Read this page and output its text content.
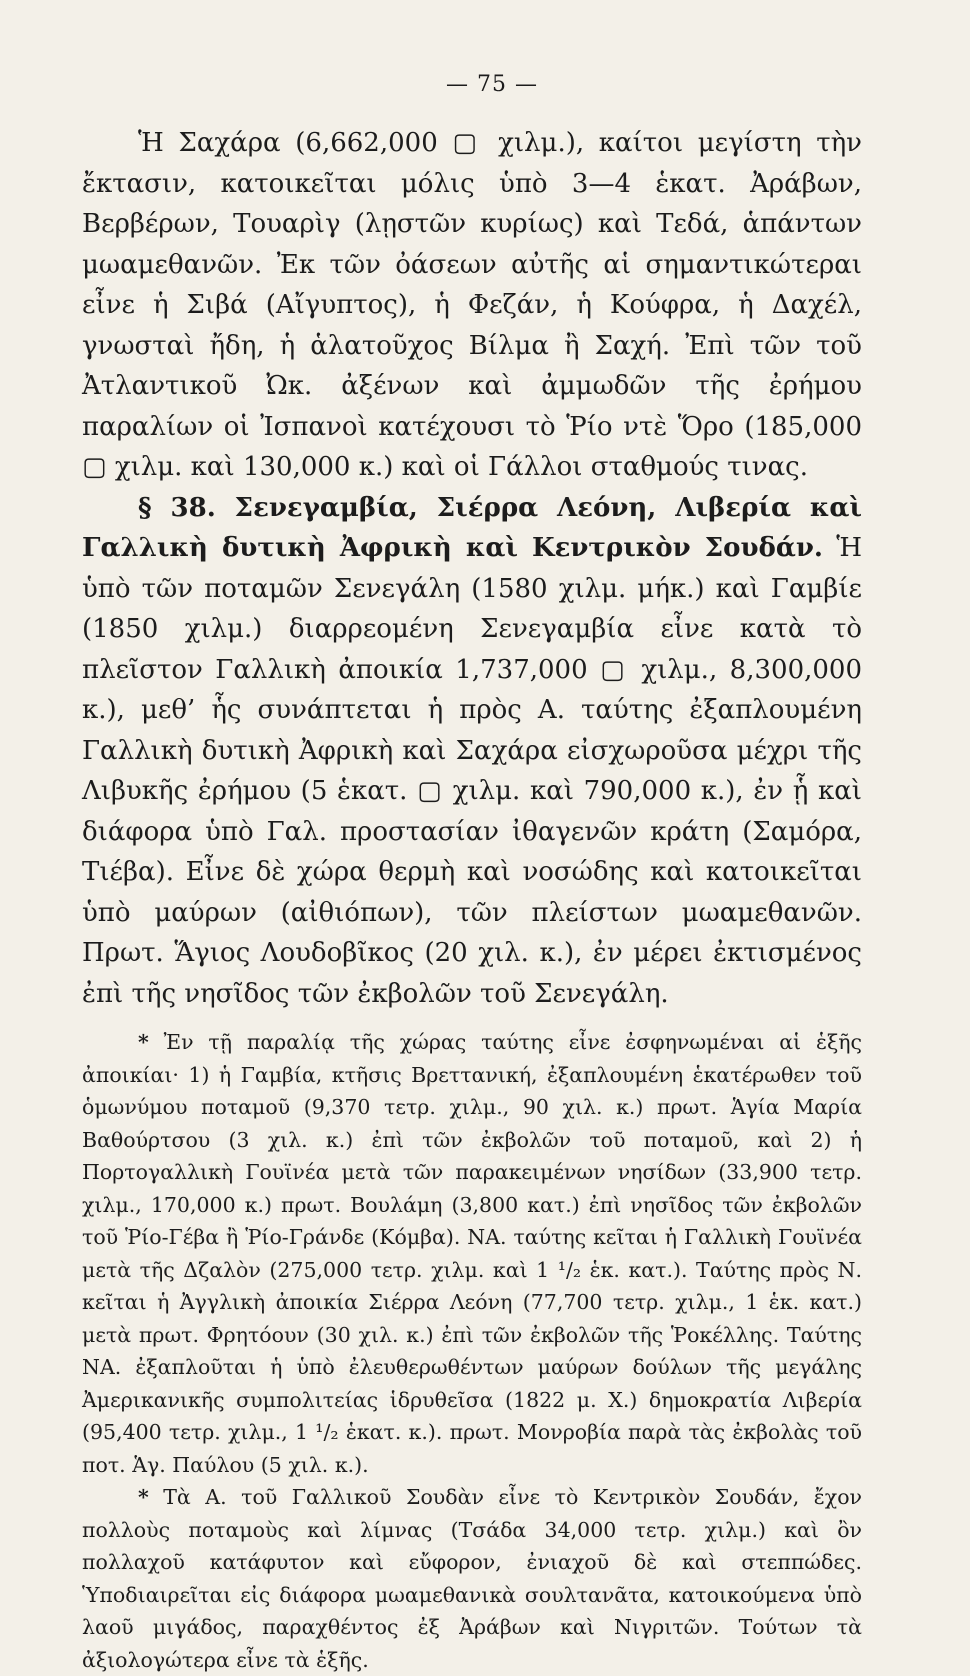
— 75 —

Ἡ Σαχάρα (6,662,000 ▢ χιλμ.), καίτοι μεγίστη τὴν ἔκτασιν, κατοικεῖται μόλις ὑπὸ 3—4 ἑκατ. Ἀράβων, Βερβέρων, Τουαρὶγ (λῃστῶν κυρίως) καὶ Τεδά, ἁπάντων μωαμεθανῶν. Ἐκ τῶν ὀάσεων αὐτῆς αἱ σημαντικώτεραι εἶνε ἡ Σιβά (Αἴγυπτος), ἡ Φεζάν, ἡ Κούφρα, ἡ Δαχέλ, γνωσταὶ ἤδη, ἡ ἁλατοῦχος Βίλμα ἢ Σαχή. Ἐπὶ τῶν τοῦ Ἀτλαντικοῦ Ὠκ. ἀξένων καὶ ἀμμωδῶν τῆς ἐρήμου παραλίων οἱ Ἰσπανοὶ κατέχουσι τὸ Ῥίο ντὲ Ὅρο (185,000 ▢ χιλμ. καὶ 130,000 κ.) καὶ οἱ Γάλλοι σταθμούς τινας.

§ 38. Σενεγαμβία, Σιέρρα Λεόνη, Λιβερία καὶ Γαλλικὴ δυτικὴ Ἀφρικὴ καὶ Κεντρικὸν Σουδάν. Ἡ ὑπὸ τῶν ποταμῶν Σενεγάλη (1580 χιλμ. μήκ.) καὶ Γαμβίε (1850 χιλμ.) διαρρεομένη Σενεγαμβία εἶνε κατὰ τὸ πλεῖστον Γαλλικὴ ἀποικία 1,737,000 ▢ χιλμ., 8,300,000 κ.), μεθ’ ἧς συνάπτεται ἡ πρὸς Α. ταύτης ἐξαπλουμένη Γαλλικὴ δυτικὴ Ἀφρικὴ καὶ Σαχάρα εἰσχωροῦσα μέχρι τῆς Λιβυκῆς ἐρήμου (5 ἑκατ. ▢ χιλμ. καὶ 790,000 κ.), ἐν ᾗ καὶ διάφορα ὑπὸ Γαλ. προστασίαν ἰθαγενῶν κράτη (Σαμόρα, Τιέβα). Εἶνε δὲ χώρα θερμὴ καὶ νοσώδης καὶ κατοικεῖται ὑπὸ μαύρων (αἰθιόπων), τῶν πλείστων μωαμεθανῶν. Πρωτ. Ἅγιος Λουδοβῖκος (20 χιλ. κ.), ἐν μέρει ἐκτισμένος ἐπὶ τῆς νησῖδος τῶν ἐκβολῶν τοῦ Σενεγάλη.

* Ἐν τῇ παραλίᾳ τῆς χώρας ταύτης εἶνε ἐσφηνωμέναι αἱ ἑξῆς ἀποικίαι· 1) ἡ Γαμβία, κτῆσις Βρεττανική, ἐξαπλουμένη ἑκατέρωθεν τοῦ ὁμωνύμου ποταμοῦ (9,370 τετρ. χιλμ., 90 χιλ. κ.) πρωτ. Ἁγία Μαρία Βαθούρτσου (3 χιλ. κ.) ἐπὶ τῶν ἐκβολῶν τοῦ ποταμοῦ, καὶ 2) ἡ Πορτογαλλικὴ Γουϊνέα μετὰ τῶν παρακειμένων νησίδων (33,900 τετρ. χιλμ., 170,000 κ.) πρωτ. Βουλάμη (3,800 κατ.) ἐπὶ νησῖδος τῶν ἐκβολῶν τοῦ Ῥίο-Γέβα ἢ Ῥίο-Γράνδε (Κόμβα). ΝΑ. ταύτης κεῖται ἡ Γαλλικὴ Γουϊνέα μετὰ τῆς Δζαλὸν (275,000 τετρ. χιλμ. καὶ 1 ¹/₂ ἑκ. κατ.). Ταύτης πρὸς Ν. κεῖται ἡ Ἀγγλικὴ ἀποικία Σιέρρα Λεόνη (77,700 τετρ. χιλμ., 1 ἑκ. κατ.) μετὰ πρωτ. Φρητόουν (30 χιλ. κ.) ἐπὶ τῶν ἐκβολῶν τῆς Ῥοκέλλης. Ταύτης ΝΑ. ἐξαπλοῦται ἡ ὑπὸ ἐλευθερωθέντων μαύρων δούλων τῆς μεγάλης Ἀμερικανικῆς συμπολιτείας ἱδρυθεῖσα (1822 μ. Χ.) δημοκρατία Λιβερία (95,400 τετρ. χιλμ., 1 ¹/₂ ἑκατ. κ.). πρωτ. Μονροβία παρὰ τὰς ἐκβολὰς τοῦ ποτ. Ἁγ. Παύλου (5 χιλ. κ.).

* Τὰ Α. τοῦ Γαλλικοῦ Σουδὰν εἶνε τὸ Κεντρικὸν Σουδάν, ἔχον πολλοὺς ποταμοὺς καὶ λίμνας (Τσάδα 34,000 τετρ. χιλμ.) καὶ ὂν πολλαχοῦ κατάφυτον καὶ εὔφορον, ἐνιαχοῦ δὲ καὶ στεππώδες. Ὑποδιαιρεῖται εἰς διάφορα μωαμεθανικὰ σουλτανᾶτα, κατοικούμενα ὑπὸ λαοῦ μιγάδος, παραχθέντος ἐξ Ἀράβων καὶ Νιγριτῶν. Τούτων τὰ ἀξιολογώτερα εἶνε τὰ ἑξῆς.
